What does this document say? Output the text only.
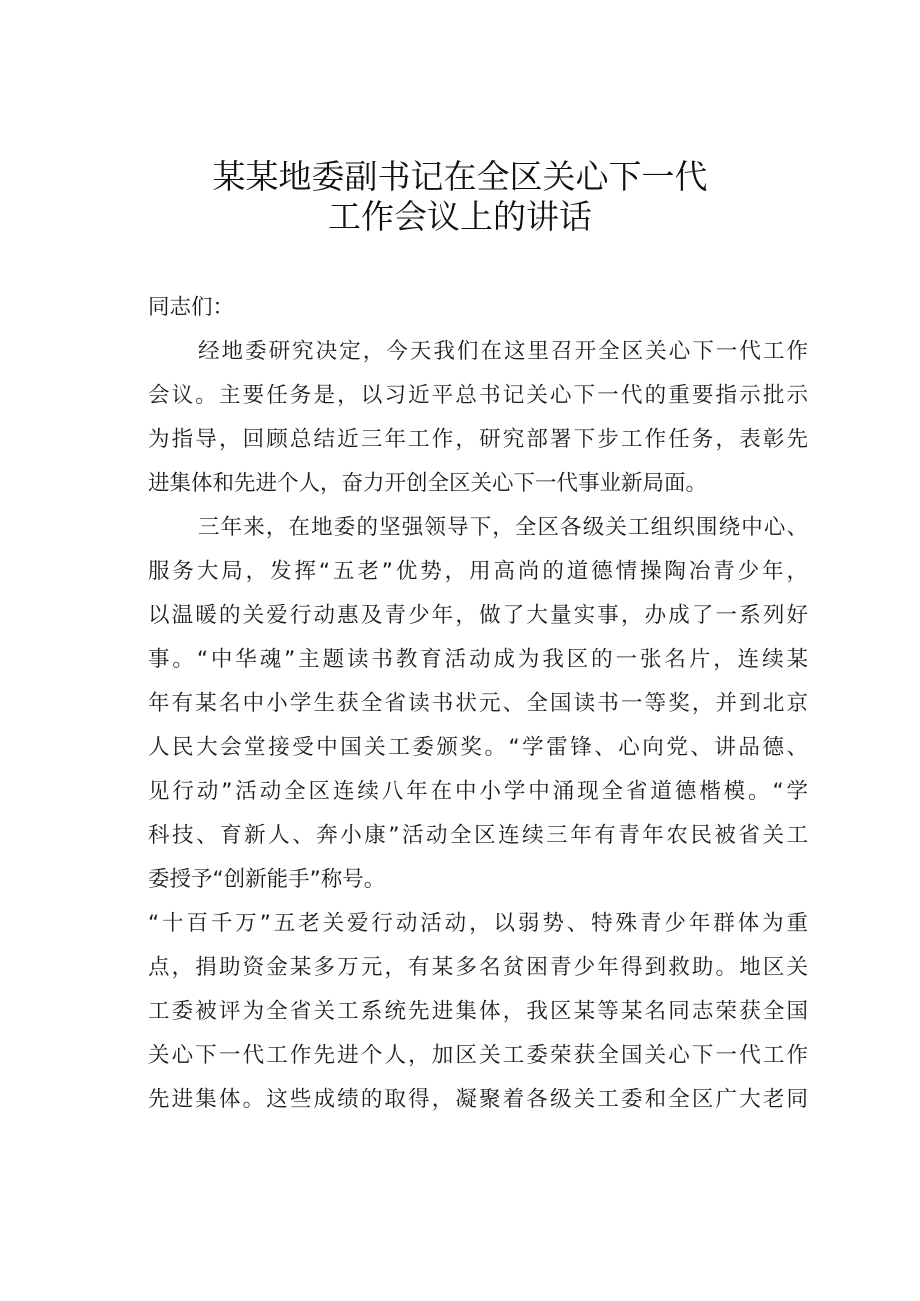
某某地委副书记在全区关心下一代
工作会议上的讲话
同志们：
经地委研究决定，今天我们在这里召开全区关心下一代工作
会议。主要任务是，以习近平总书记关心下一代的重要指示批示
为指导，回顾总结近三年工作，研究部署下步工作任务，表彰先
进集体和先进个人，奋力开创全区关心下一代事业新局面。
三年来，在地委的坚强领导下，全区各级关工组织围绕中心、
服务大局，发挥“五老”优势，用高尚的道德情操陶冶青少年，
以温暖的关爱行动惠及青少年，做了大量实事，办成了一系列好
事。“中华魂”主题读书教育活动成为我区的一张名片，连续某
年有某名中小学生获全省读书状元、全国读书一等奖，并到北京
人民大会堂接受中国关工委颁奖。“学雷锋、心向党、讲品德、
见行动”活动全区连续八年在中小学中涌现全省道德楷模。“学
科技、育新人、奔小康”活动全区连续三年有青年农民被省关工
委授予“创新能手”称号。
“十百千万”五老关爱行动活动，以弱势、特殊青少年群体为重
点，捐助资金某多万元，有某多名贫困青少年得到救助。地区关
工委被评为全省关工系统先进集体，我区某等某名同志荣获全国
关心下一代工作先进个人，加区关工委荣获全国关心下一代工作
先进集体。这些成绩的取得，凝聚着各级关工委和全区广大老同
